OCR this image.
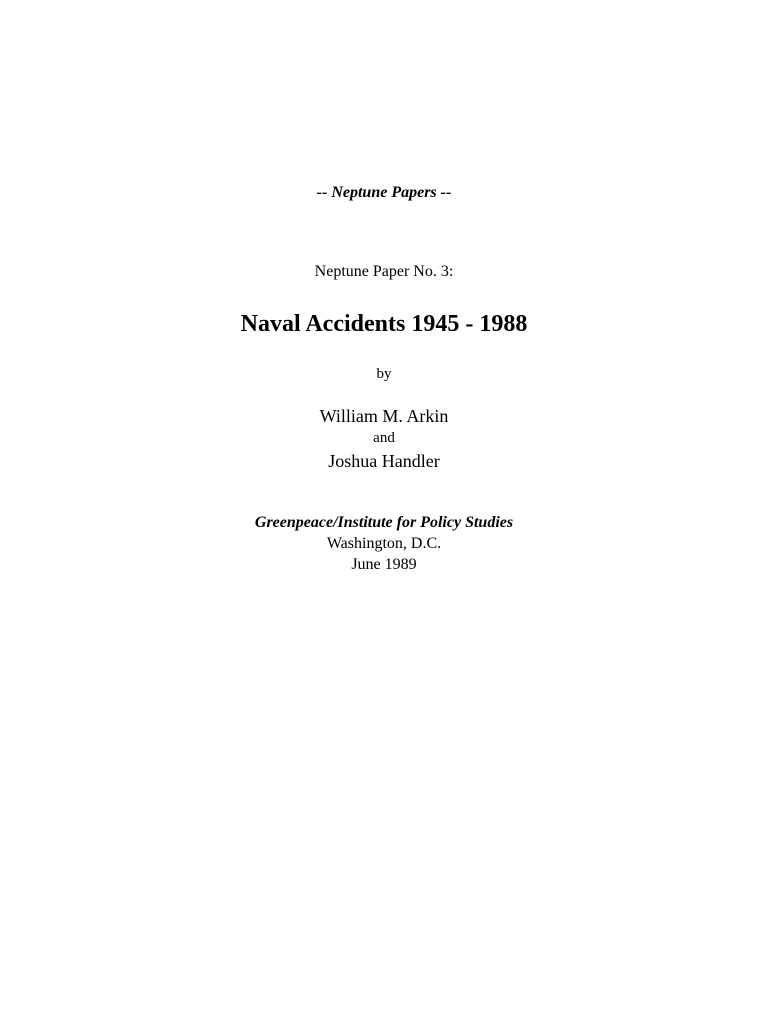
-- Neptune Papers --
Neptune Paper No. 3:
Naval Accidents 1945 - 1988
by
William M. Arkin
and
Joshua Handler
Greenpeace/Institute for Policy Studies
Washington, D.C.
June 1989
